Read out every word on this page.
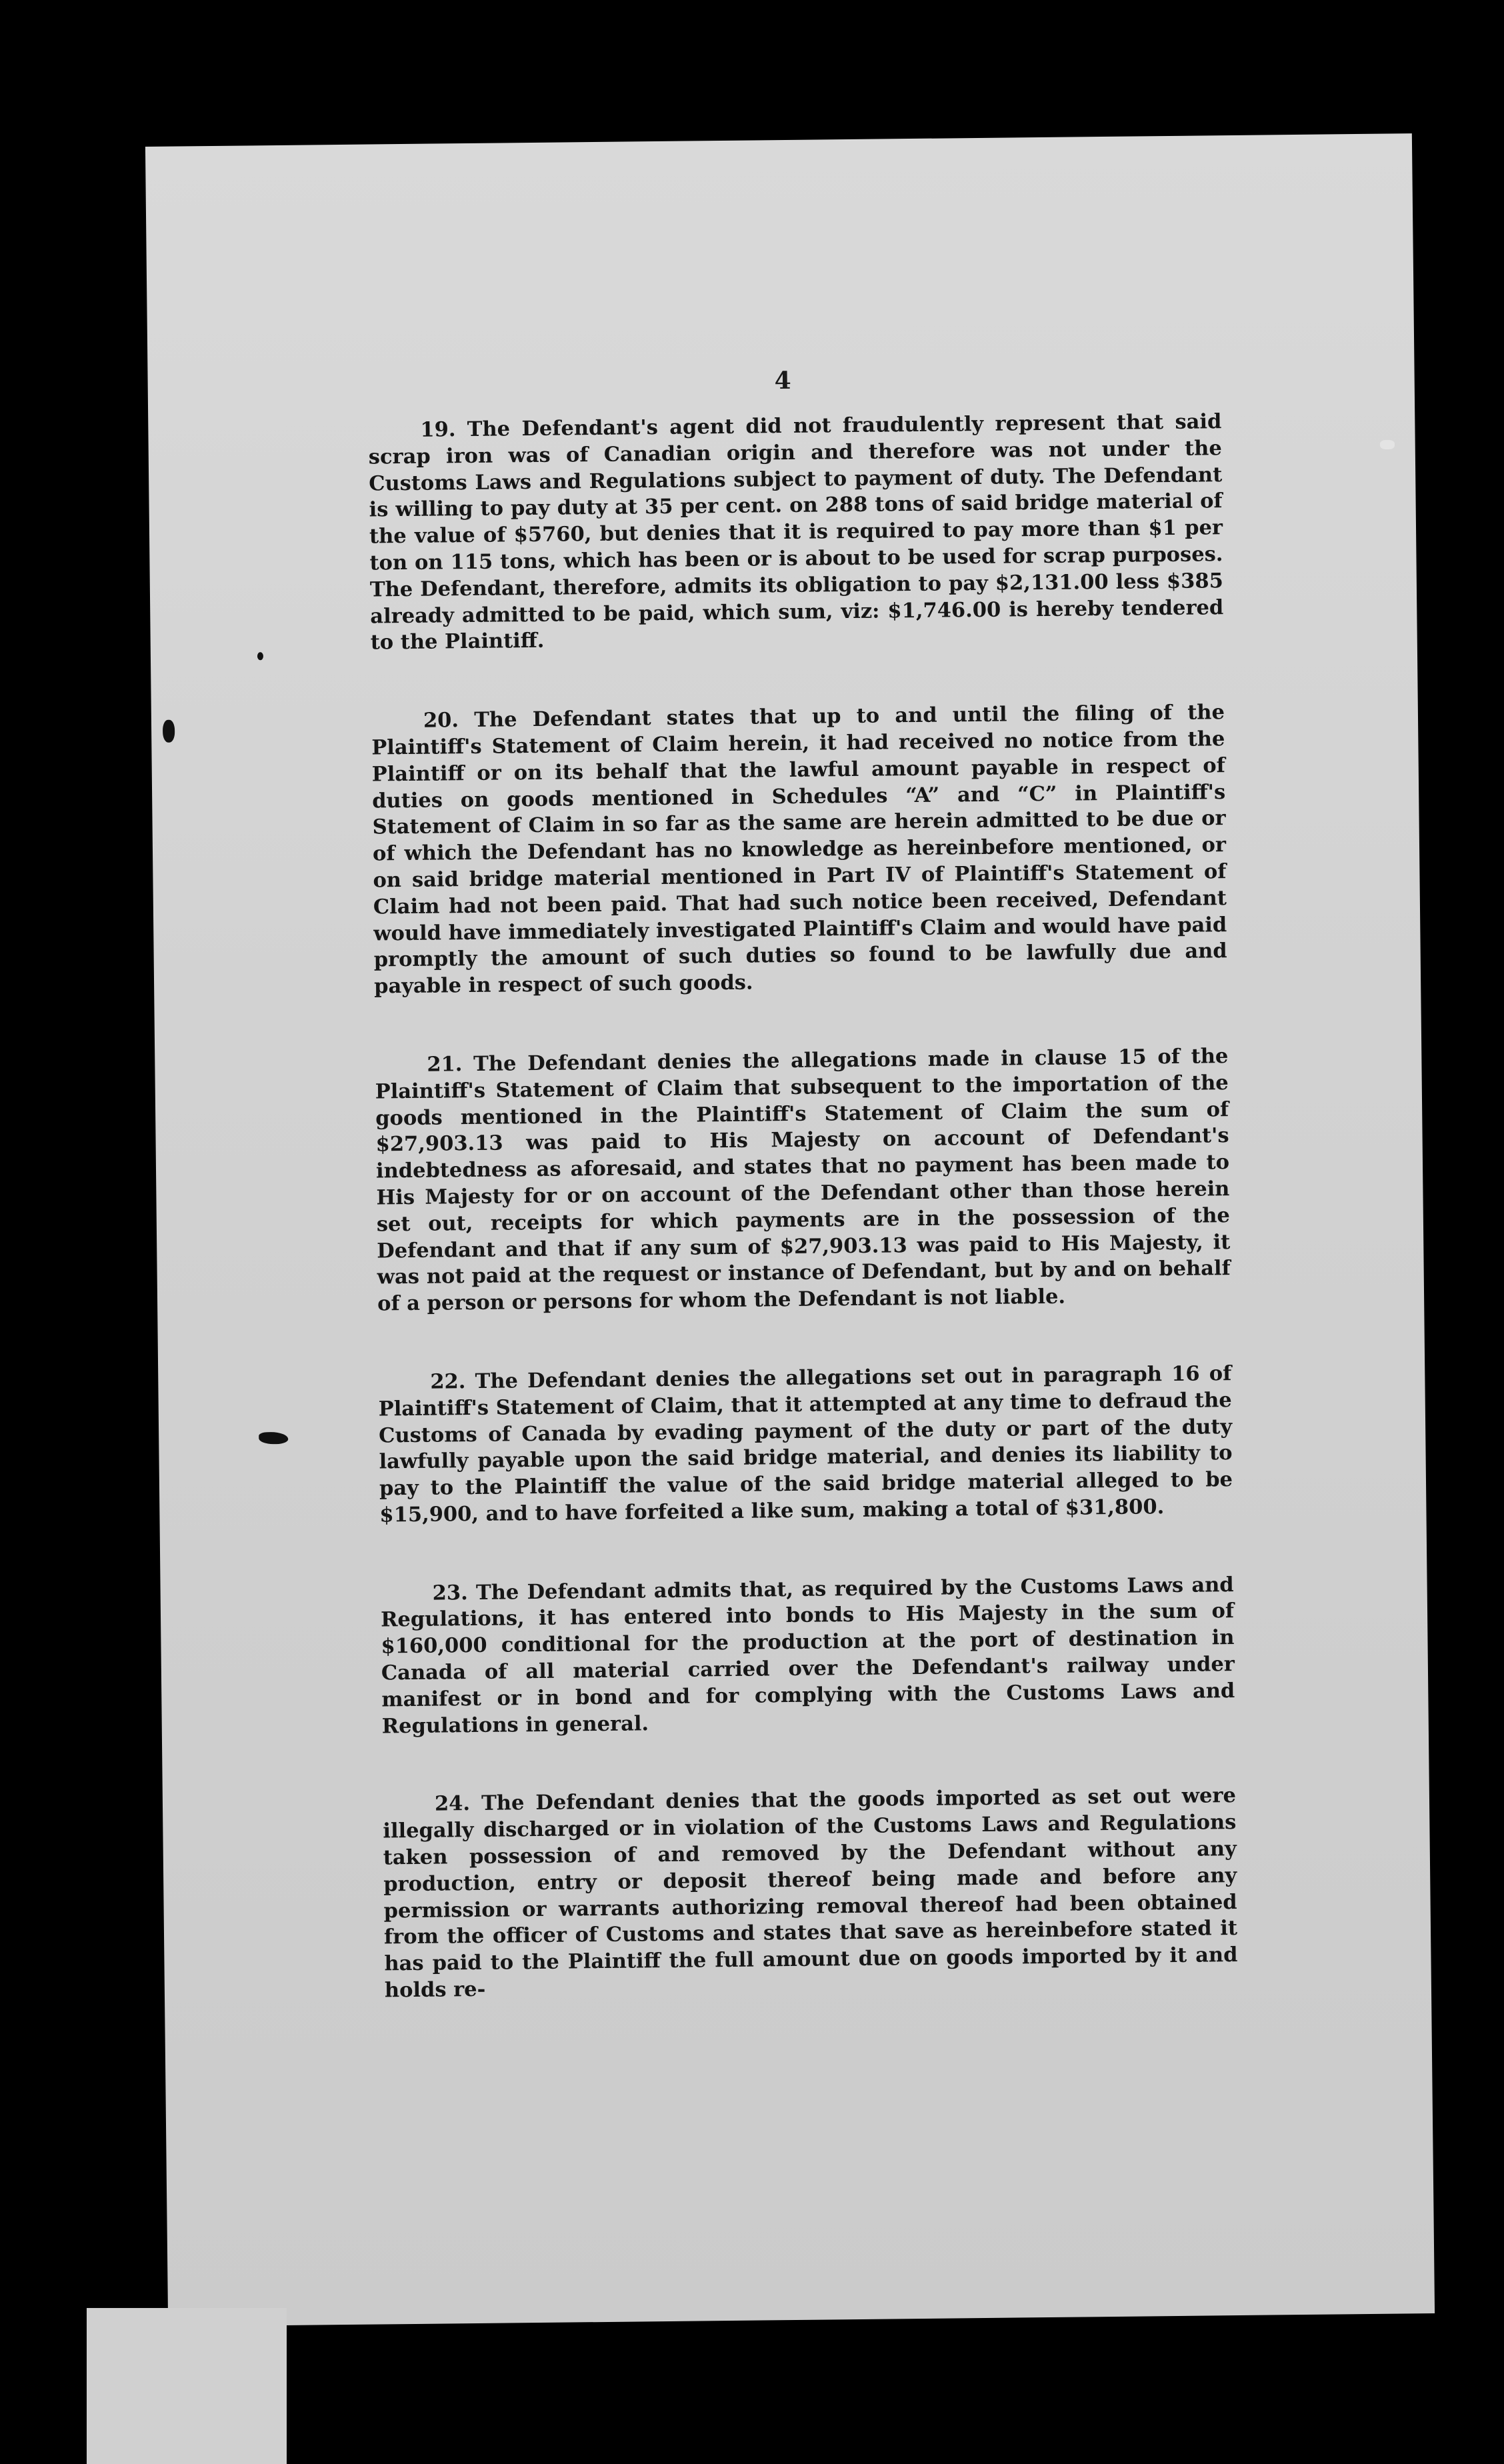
4

19. The Defendant's agent did not fraudulently represent that said scrap iron was of Canadian origin and therefore was not under the Customs Laws and Regulations subject to payment of duty. The Defendant is willing to pay duty at 35 per cent. on 288 tons of said bridge material of the value of $5760, but denies that it is required to pay more than $1 per ton on 115 tons, which has been or is about to be used for scrap purposes. The Defendant, therefore, admits its obligation to pay $2,131.00 less $385 already admitted to be paid, which sum, viz: $1,746.00 is hereby tendered to the Plaintiff.

20. The Defendant states that up to and until the filing of the Plaintiff's Statement of Claim herein, it had received no notice from the Plaintiff or on its behalf that the lawful amount payable in respect of duties on goods mentioned in Schedules “A” and “C” in Plaintiff's Statement of Claim in so far as the same are herein admitted to be due or of which the Defendant has no knowledge as hereinbefore mentioned, or on said bridge material mentioned in Part IV of Plaintiff's Statement of Claim had not been paid. That had such notice been received, Defendant would have immediately investigated Plaintiff's Claim and would have paid promptly the amount of such duties so found to be lawfully due and payable in respect of such goods.

21. The Defendant denies the allegations made in clause 15 of the Plaintiff's Statement of Claim that subsequent to the importation of the goods mentioned in the Plaintiff's Statement of Claim the sum of $27,903.13 was paid to His Majesty on account of Defendant's indebtedness as aforesaid, and states that no payment has been made to His Majesty for or on account of the Defendant other than those herein set out, receipts for which payments are in the possession of the Defendant and that if any sum of $27,903.13 was paid to His Majesty, it was not paid at the request or instance of Defendant, but by and on behalf of a person or persons for whom the Defendant is not liable.

22. The Defendant denies the allegations set out in paragraph 16 of Plaintiff's Statement of Claim, that it attempted at any time to defraud the Customs of Canada by evading payment of the duty or part of the duty lawfully payable upon the said bridge material, and denies its liability to pay to the Plaintiff the value of the said bridge material alleged to be $15,900, and to have forfeited a like sum, making a total of $31,800.

23. The Defendant admits that, as required by the Customs Laws and Regulations, it has entered into bonds to His Majesty in the sum of $160,000 conditional for the production at the port of destination in Canada of all material carried over the Defendant's railway under manifest or in bond and for complying with the Customs Laws and Regulations in general.

24. The Defendant denies that the goods imported as set out were illegally discharged or in violation of the Customs Laws and Regulations taken possession of and removed by the Defendant without any production, entry or deposit thereof being made and before any permission or warrants authorizing removal thereof had been obtained from the officer of Customs and states that save as hereinbefore stated it has paid to the Plaintiff the full amount due on goods imported by it and holds re-
